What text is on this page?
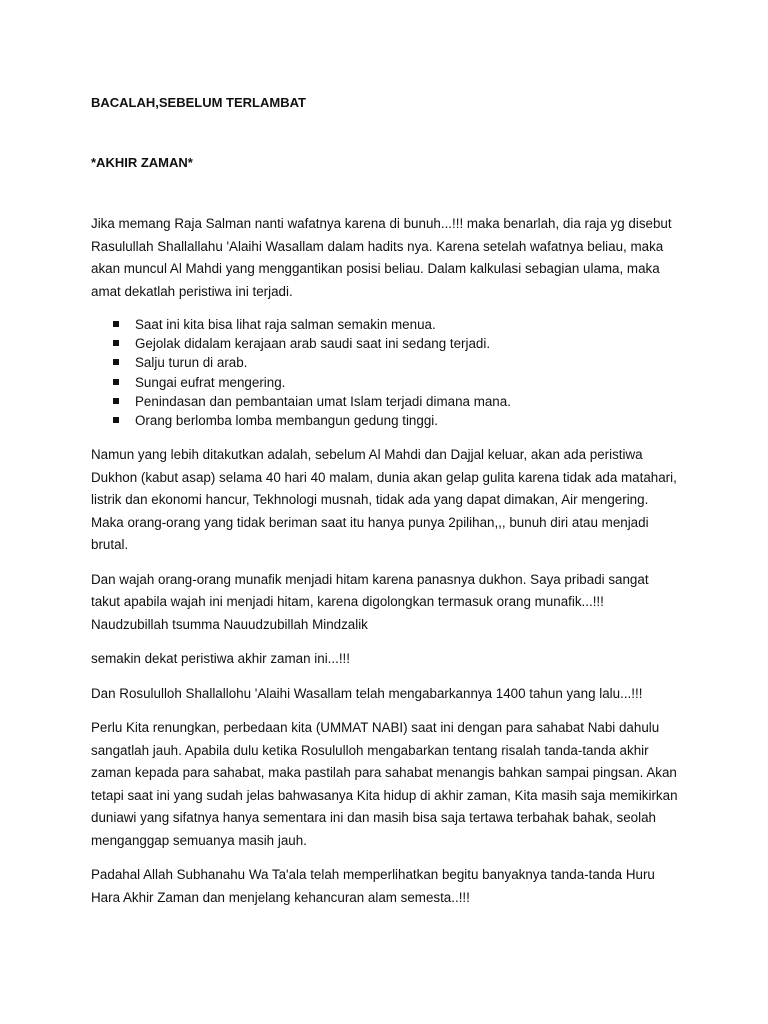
BACALAH,SEBELUM TERLAMBAT

*AKHIR ZAMAN*

Jika memang Raja Salman nanti wafatnya karena di bunuh...!!! maka benarlah, dia raja yg disebut Rasulullah Shallallahu 'Alaihi Wasallam dalam hadits nya. Karena setelah wafatnya beliau, maka akan muncul Al Mahdi yang menggantikan posisi beliau. Dalam kalkulasi sebagian ulama, maka amat dekatlah peristiwa ini terjadi.

Saat ini kita bisa lihat raja salman semakin menua.
Gejolak didalam kerajaan arab saudi saat ini sedang terjadi.
Salju turun di arab.
Sungai eufrat mengering.
Penindasan dan pembantaian umat Islam terjadi dimana mana.
Orang berlomba lomba membangun gedung tinggi.

Namun yang lebih ditakutkan adalah, sebelum Al Mahdi dan Dajjal keluar, akan ada peristiwa Dukhon (kabut asap) selama 40 hari 40 malam, dunia akan gelap gulita karena tidak ada matahari, listrik dan ekonomi hancur, Tekhnologi musnah, tidak ada yang dapat dimakan, Air mengering. Maka orang-orang yang tidak beriman saat itu hanya punya 2pilihan,,, bunuh diri atau menjadi brutal.

Dan wajah orang-orang munafik menjadi hitam karena panasnya dukhon. Saya pribadi sangat takut apabila wajah ini menjadi hitam, karena digolongkan termasuk orang munafik...!!! Naudzubillah tsumma Nauudzubillah Mindzalik

semakin dekat peristiwa akhir zaman ini...!!!

Dan Rosululloh Shallallohu 'Alaihi Wasallam telah mengabarkannya 1400 tahun yang lalu...!!!

Perlu Kita renungkan, perbedaan kita (UMMAT NABI) saat ini dengan para sahabat Nabi dahulu sangatlah jauh. Apabila dulu ketika Rosululloh mengabarkan tentang risalah tanda-tanda akhir zaman kepada para sahabat, maka pastilah para sahabat menangis bahkan sampai pingsan. Akan tetapi saat ini yang sudah jelas bahwasanya Kita hidup di akhir zaman, Kita masih saja memikirkan duniawi yang sifatnya hanya sementara ini dan masih bisa saja tertawa terbahak bahak, seolah menganggap semuanya masih jauh.

Padahal Allah Subhanahu Wa Ta'ala telah memperlihatkan begitu banyaknya tanda-tanda Huru Hara Akhir Zaman dan menjelang kehancuran alam semesta..!!!
